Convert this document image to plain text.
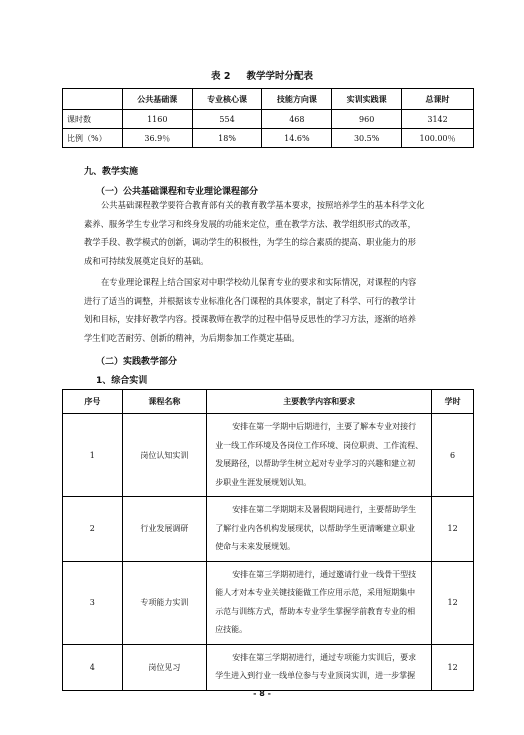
表 2 教学学时分配表
	公共基础课	专业核心课	技能方向课	实训实践课	总课时
课时数	1160	554	468	960	3142
比例（%）	36.9％	18%	14.6%	30.5%	100.00％
九、教学实施
（一）公共基础课程和专业理论课程部分
公共基础课程教学要符合教育部有关的教育教学基本要求，按照培养学生的基本科学文化
素养、服务学生专业学习和终身发展的功能来定位，重在教学方法、教学组织形式的改革，
教学手段、教学模式的创新，调动学生的积极性，为学生的综合素质的提高、职业能力的形
成和可持续发展奠定良好的基础。
在专业理论课程上结合国家对中职学校幼儿保育专业的要求和实际情况，对课程的内容
进行了适当的调整，并根据该专业标准化各门课程的具体要求，制定了科学、可行的教学计
划和目标，安排好教学内容。授课教师在教学的过程中倡导反思性的学习方法，逐渐的培养
学生们吃苦耐劳、创新的精神，为后期参加工作奠定基础。
（二）实践教学部分
1、综合实训
序号	课程名称	主要教学内容和要求	学时
1	岗位认知实训	安排在第一学期中后期进行，主要了解本专业对接行
业一线工作环境及各岗位工作环境、岗位职责、工作流程、
发展路径，以帮助学生树立起对专业学习的兴趣和建立初
步职业生涯发展规划认知。	6
2	行业发展调研	安排在第二学期期末及暑假期间进行，主要帮助学生
了解行业内各机构发展现状，以帮助学生更清晰建立职业
使命与未来发展规划。	12
3	专项能力实训	安排在第三学期初进行，通过邀请行业一线骨干型技
能人才对本专业关键技能做工作应用示范，采用短期集中
示范与训练方式，帮助本专业学生掌握学前教育专业的相
应技能。	12
4	岗位见习	安排在第三学期初进行，通过专项能力实训后，要求
学生进入到行业一线单位参与专业顶岗实训，进一步掌握	12
- 8 -
